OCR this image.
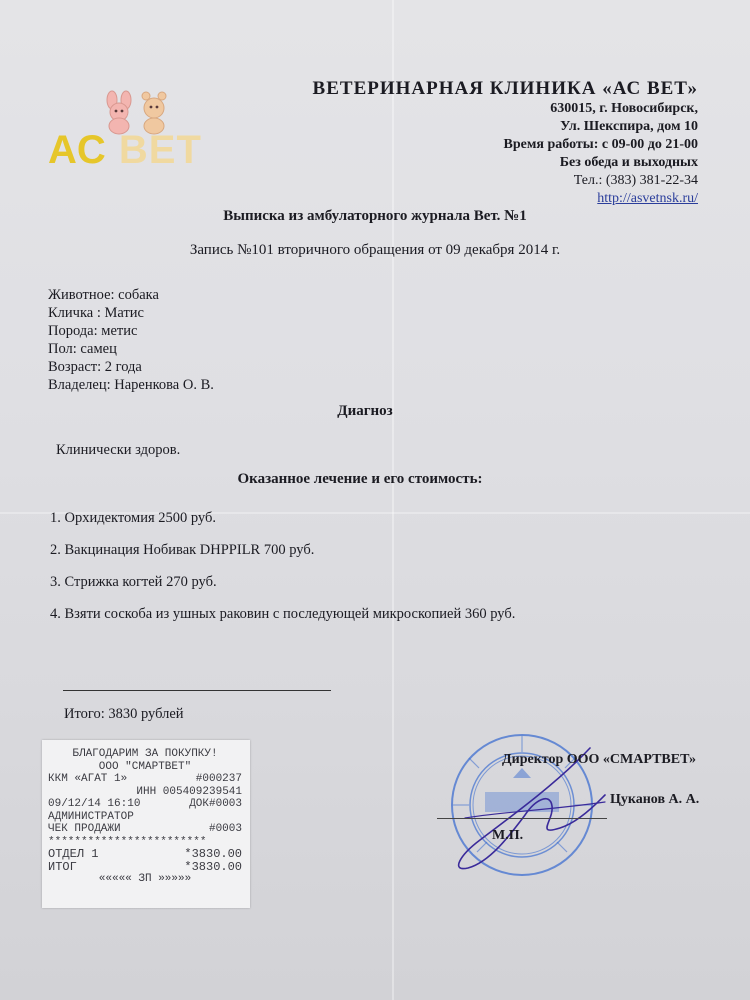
АС ВЕТ
ВЕТЕРИНАРНАЯ КЛИНИКА «АС ВЕТ»
630015, г. Новосибирск,
Ул. Шекспира, дом 10
Время работы: с 09-00 до 21-00
Без обеда и выходных
Тел.: (383) 381-22-34
http://asvetnsk.ru/
Выписка из амбулаторного журнала Вет. №1
Запись №101 вторичного обращения от 09 декабря 2014 г.
Животное: собака
Кличка : Матис
Порода: метис
Пол: самец
Возраст: 2 года
Владелец: Наренкова О. В.
Диагноз
Клинически здоров.
Оказанное лечение и его стоимость:
1. Орхидектомия 2500 руб.
2. Вакцинация Нобивак DHPPILR 700 руб.
3. Стрижка когтей 270 руб.
4. Взяти соскоба из ушных раковин с последующей микроскопией 360 руб.
Итого: 3830 рублей
БЛАГОДАРИМ ЗА ПОКУПКУ!
ООО "СМАРТВЕТ"
ККМ «АГАТ 1»	#000237
ИНН 005409239541
09/12/14 16:10	ДОК#0003
АДМИНИСТРАТОР
ЧЕК ПРОДАЖИ	#0003
************************
ОТДЕЛ 1	*3830.00
ИТОГ	*3830.00
««««« ЗП »»»»»
Директор ООО «СМАРТВЕТ»
Цуканов А. А.
М.П.
